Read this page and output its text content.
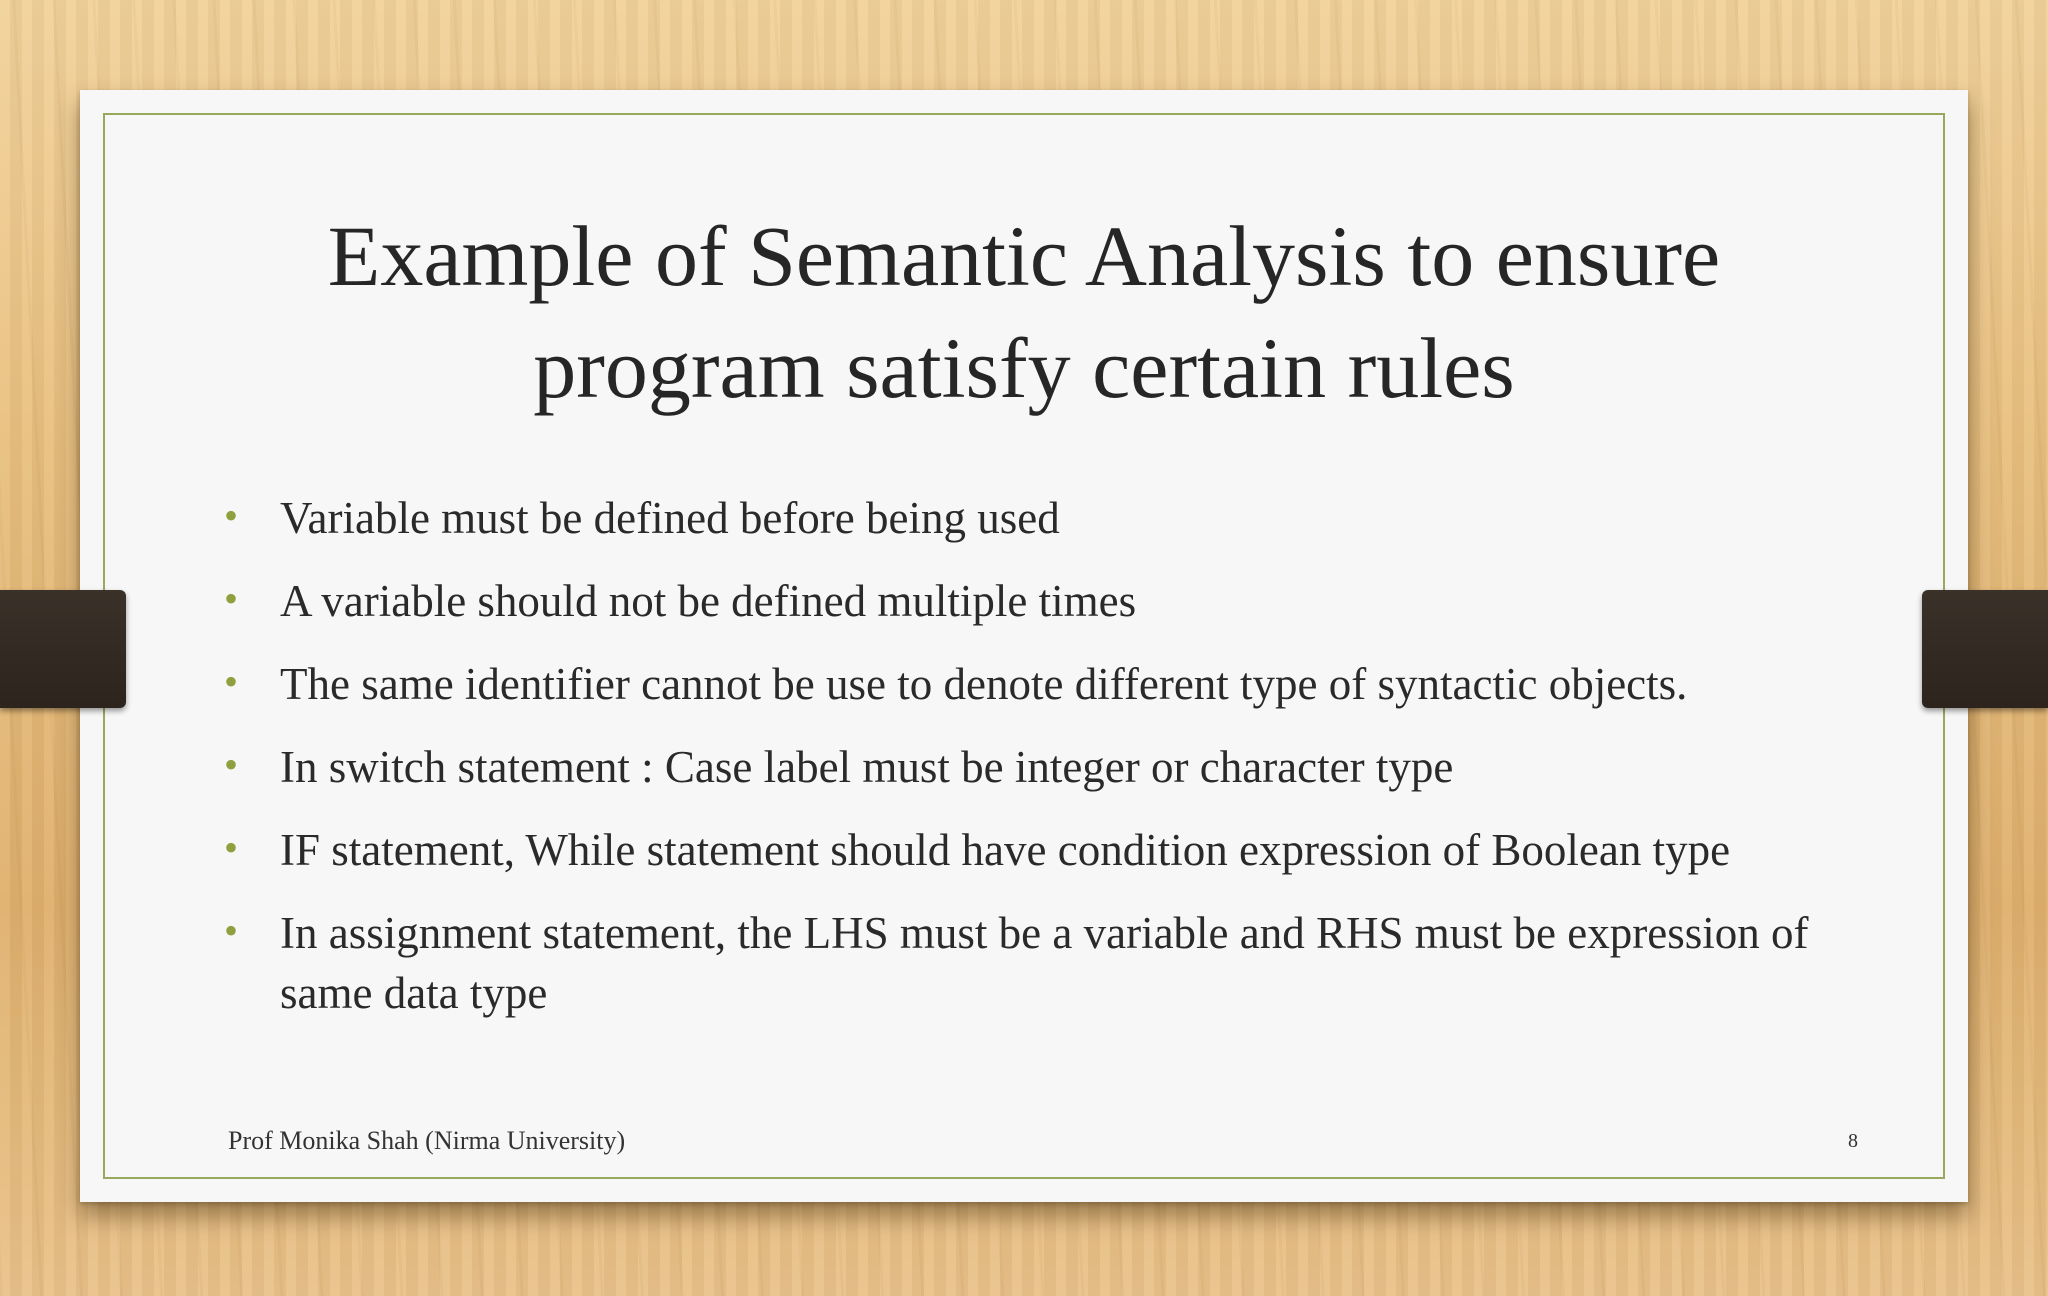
Example of Semantic Analysis to ensure
program satisfy certain rules
• Variable must be defined before being used
• A variable should not be defined multiple times
• The same identifier cannot be use to denote different type of syntactic objects.
• In switch statement : Case label must be integer or character type
• IF statement, While statement should have condition expression of Boolean type
• In assignment statement, the LHS must be a variable and RHS must be expression of same data type
Prof Monika Shah (Nirma University)	8
